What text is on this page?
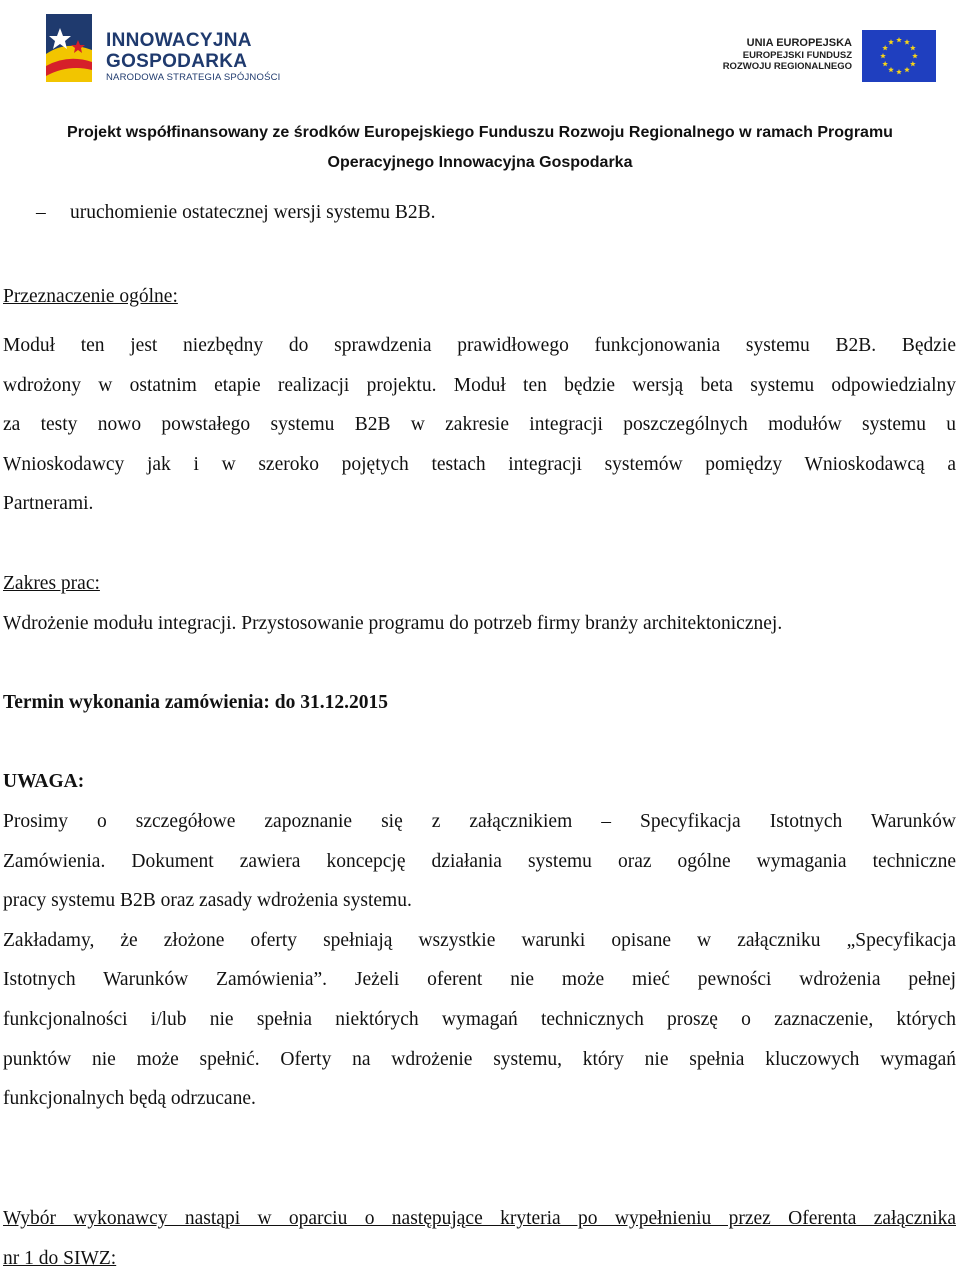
INNOWACYJNA
GOSPODARKA
NARODOWA STRATEGIA SPÓJNOŚCI
UNIA EUROPEJSKA
EUROPEJSKI FUNDUSZ
ROZWOJU REGIONALNEGO
Projekt współfinansowany ze środków Europejskiego Funduszu Rozwoju Regionalnego w ramach Programu
Operacyjnego Innowacyjna Gospodarka
– uruchomienie ostatecznej wersji systemu B2B.
Przeznaczenie ogólne:
Moduł ten jest niezbędny do sprawdzenia prawidłowego funkcjonowania systemu B2B. Będzie
wdrożony w ostatnim etapie realizacji projektu. Moduł ten będzie wersją beta systemu odpowiedzialny
za testy nowo powstałego systemu B2B w zakresie integracji poszczególnych modułów systemu u
Wnioskodawcy jak i w szeroko pojętych testach integracji systemów pomiędzy Wnioskodawcą a
Partnerami.
Zakres prac:
Wdrożenie modułu integracji. Przystosowanie programu do potrzeb firmy branży architektonicznej.
Termin wykonania zamówienia: do 31.12.2015
UWAGA:
Prosimy o szczegółowe zapoznanie się z załącznikiem – Specyfikacja Istotnych Warunków
Zamówienia. Dokument zawiera koncepcję działania systemu oraz ogólne wymagania techniczne
pracy systemu B2B oraz zasady wdrożenia systemu.
Zakładamy, że złożone oferty spełniają wszystkie warunki opisane w załączniku „Specyfikacja
Istotnych Warunków Zamówienia”. Jeżeli oferent nie może mieć pewności wdrożenia pełnej
funkcjonalności i/lub nie spełnia niektórych wymagań technicznych proszę o zaznaczenie, których
punktów nie może spełnić. Oferty na wdrożenie systemu, który nie spełnia kluczowych wymagań
funkcjonalnych będą odrzucane.
Wybór wykonawcy nastąpi w oparciu o następujące kryteria po wypełnieniu przez Oferenta załącznika
nr 1 do SIWZ:
